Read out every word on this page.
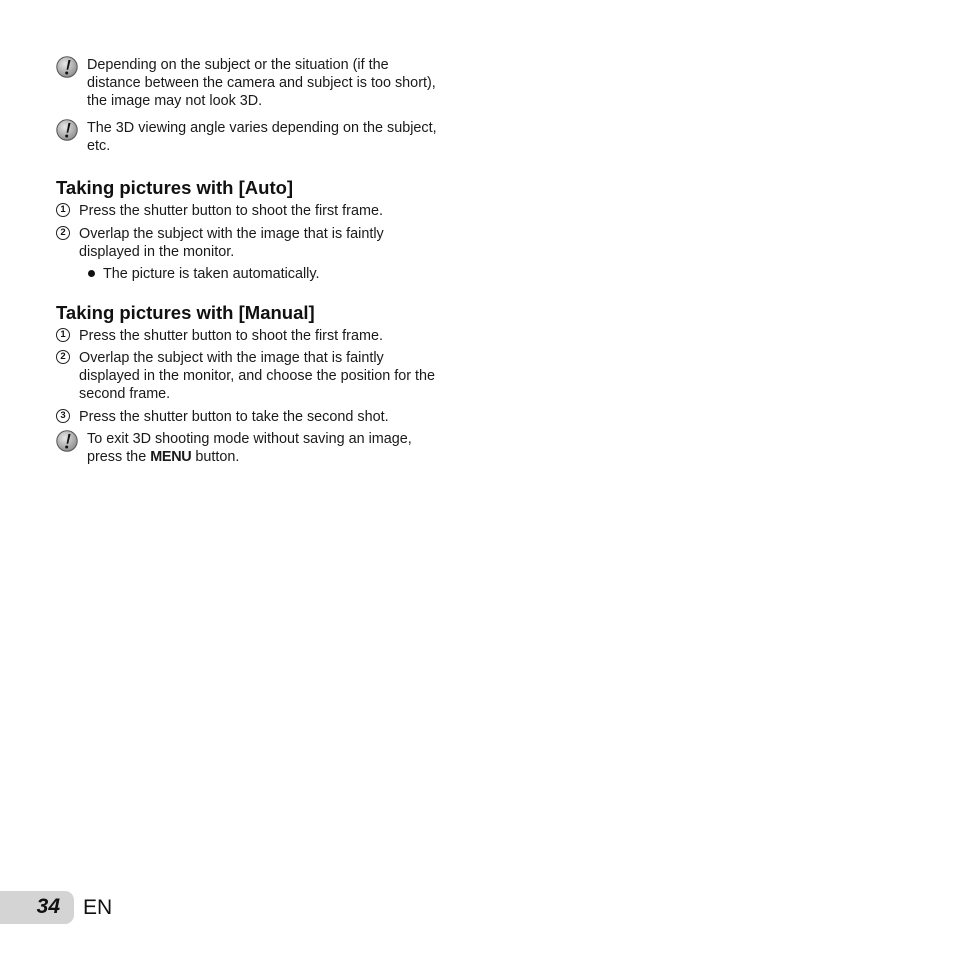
Depending on the subject or the situation (if the distance between the camera and subject is too short), the image may not look 3D.
The 3D viewing angle varies depending on the subject, etc.
Taking pictures with [Auto]
1 Press the shutter button to shoot the first frame.
2 Overlap the subject with the image that is faintly displayed in the monitor.
The picture is taken automatically.
Taking pictures with [Manual]
1 Press the shutter button to shoot the first frame.
2 Overlap the subject with the image that is faintly displayed in the monitor, and choose the position for the second frame.
3 Press the shutter button to take the second shot.
To exit 3D shooting mode without saving an image, press the MENU button.
34 EN
